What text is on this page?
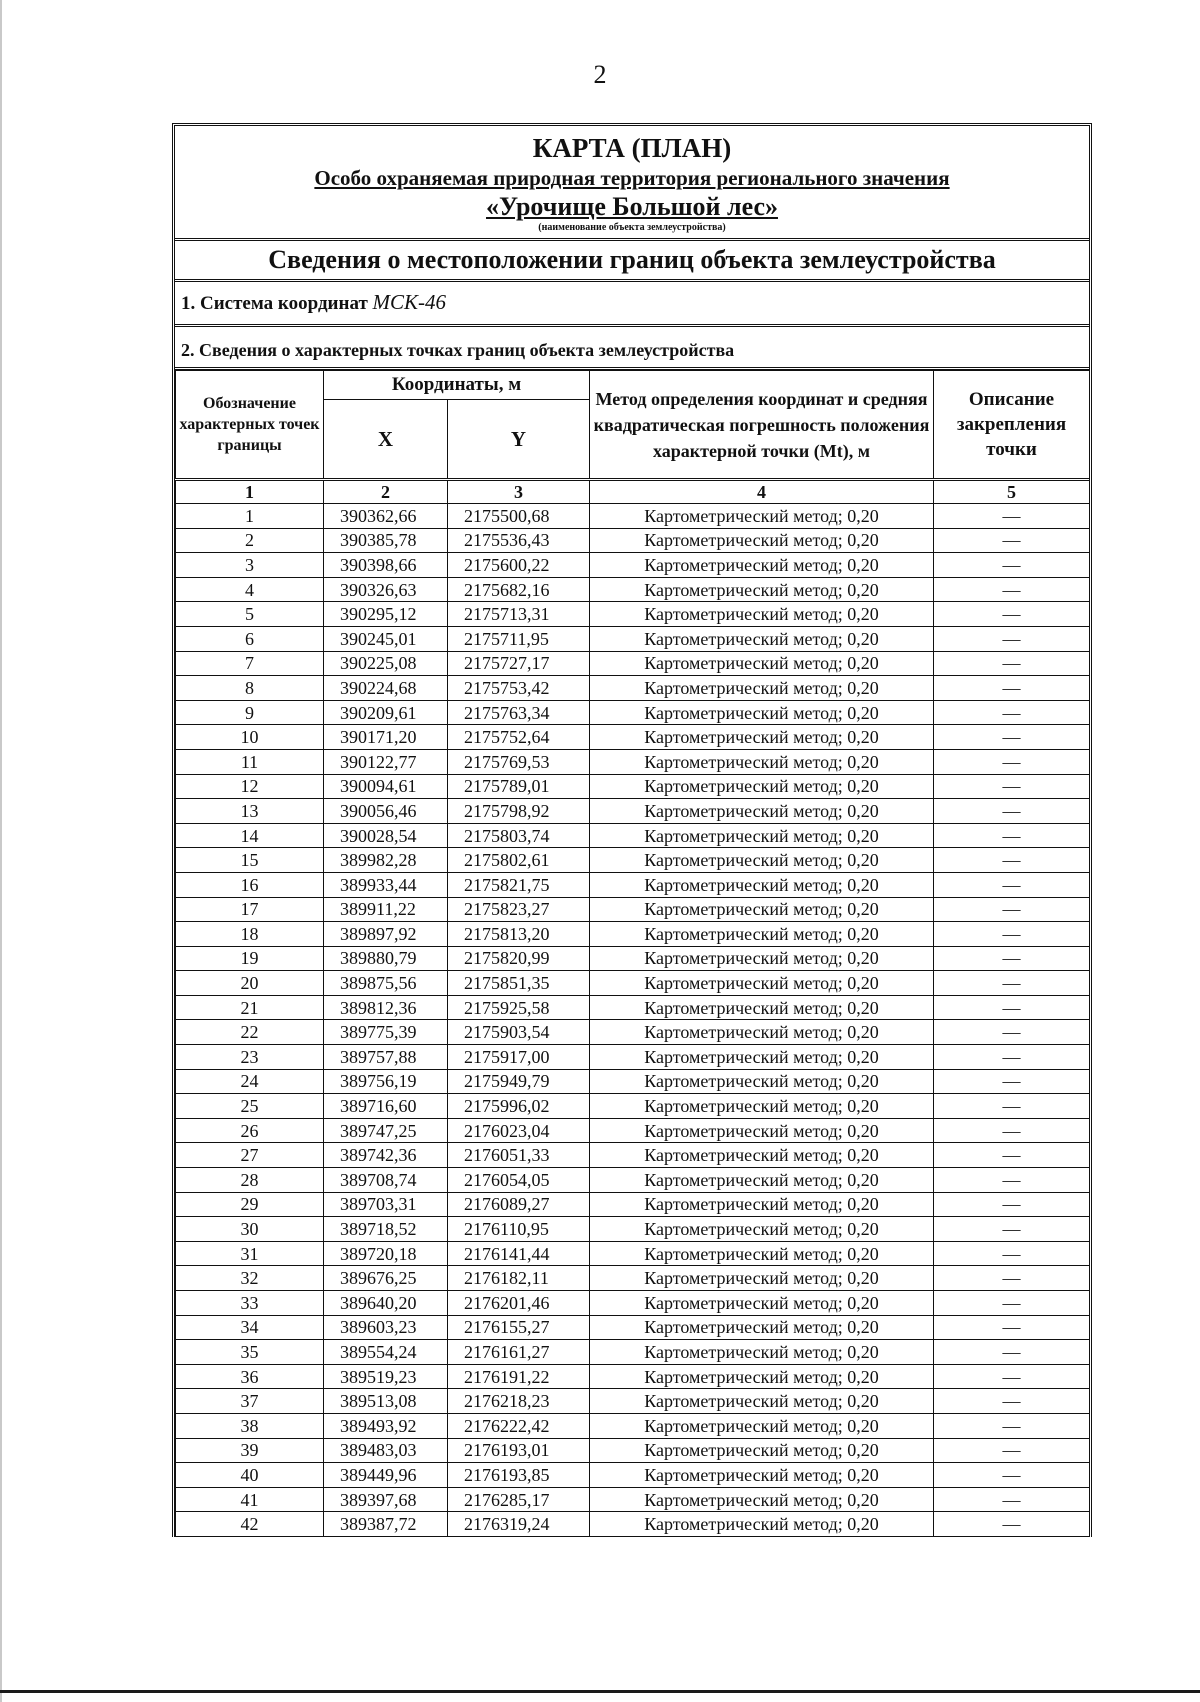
2
КАРТА (ПЛАН)
Особо охраняемая природная территория регионального значения
«Урочище Большой лес»
(наименование объекта землеустройства)
Сведения о местоположении границ объекта землеустройства
1. Система координат МСК-46
2. Сведения о характерных точках границ объекта землеустройства
Обозначение характерных точек границы	Координаты, м		Метод определения координат и средняя квадратическая погрешность положения характерной точки (Mt), м	Описание закрепления точки
	X	Y		
1	2	3	4	5
1	390362,66	2175500,68	Картометрический метод; 0,20	—
2	390385,78	2175536,43	Картометрический метод; 0,20	—
3	390398,66	2175600,22	Картометрический метод; 0,20	—
4	390326,63	2175682,16	Картометрический метод; 0,20	—
5	390295,12	2175713,31	Картометрический метод; 0,20	—
6	390245,01	2175711,95	Картометрический метод; 0,20	—
7	390225,08	2175727,17	Картометрический метод; 0,20	—
8	390224,68	2175753,42	Картометрический метод; 0,20	—
9	390209,61	2175763,34	Картометрический метод; 0,20	—
10	390171,20	2175752,64	Картометрический метод; 0,20	—
11	390122,77	2175769,53	Картометрический метод; 0,20	—
12	390094,61	2175789,01	Картометрический метод; 0,20	—
13	390056,46	2175798,92	Картометрический метод; 0,20	—
14	390028,54	2175803,74	Картометрический метод; 0,20	—
15	389982,28	2175802,61	Картометрический метод; 0,20	—
16	389933,44	2175821,75	Картометрический метод; 0,20	—
17	389911,22	2175823,27	Картометрический метод; 0,20	—
18	389897,92	2175813,20	Картометрический метод; 0,20	—
19	389880,79	2175820,99	Картометрический метод; 0,20	—
20	389875,56	2175851,35	Картометрический метод; 0,20	—
21	389812,36	2175925,58	Картометрический метод; 0,20	—
22	389775,39	2175903,54	Картометрический метод; 0,20	—
23	389757,88	2175917,00	Картометрический метод; 0,20	—
24	389756,19	2175949,79	Картометрический метод; 0,20	—
25	389716,60	2175996,02	Картометрический метод; 0,20	—
26	389747,25	2176023,04	Картометрический метод; 0,20	—
27	389742,36	2176051,33	Картометрический метод; 0,20	—
28	389708,74	2176054,05	Картометрический метод; 0,20	—
29	389703,31	2176089,27	Картометрический метод; 0,20	—
30	389718,52	2176110,95	Картометрический метод; 0,20	—
31	389720,18	2176141,44	Картометрический метод; 0,20	—
32	389676,25	2176182,11	Картометрический метод; 0,20	—
33	389640,20	2176201,46	Картометрический метод; 0,20	—
34	389603,23	2176155,27	Картометрический метод; 0,20	—
35	389554,24	2176161,27	Картометрический метод; 0,20	—
36	389519,23	2176191,22	Картометрический метод; 0,20	—
37	389513,08	2176218,23	Картометрический метод; 0,20	—
38	389493,92	2176222,42	Картометрический метод; 0,20	—
39	389483,03	2176193,01	Картометрический метод; 0,20	—
40	389449,96	2176193,85	Картометрический метод; 0,20	—
41	389397,68	2176285,17	Картометрический метод; 0,20	—
42	389387,72	2176319,24	Картометрический метод; 0,20	—
